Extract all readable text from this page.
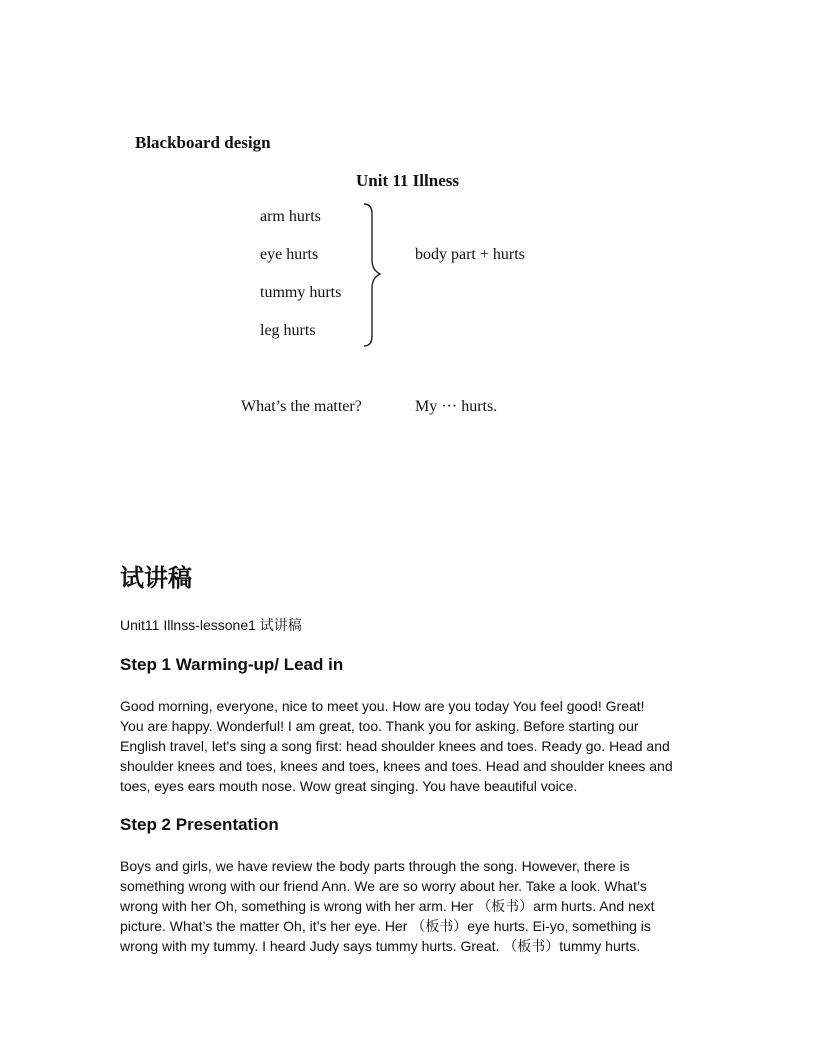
Blackboard design
Unit 11 Illness
arm hurts
eye hurts
tummy hurts
leg hurts
body part + hurts
What’s the matter?	My ··· hurts.
试讲稿
Unit11 Illnss-lessone1 试讲稿
Step 1 Warming-up/ Lead in

Good morning, everyone, nice to meet you. How are you today You feel good! Great!

You are happy. Wonderful! I am great, too. Thank you for asking. Before starting our

English travel, let's sing a song first: head shoulder knees and toes. Ready go. Head and

shoulder knees and toes, knees and toes, knees and toes. Head and shoulder knees and

toes, eyes ears mouth nose. Wow great singing. You have beautiful voice.

Step 2 Presentation

Boys and girls, we have review the body parts through the song. However, there is

something wrong with our friend Ann. We are so worry about her. Take a look. What’s

wrong with her Oh, something is wrong with her arm. Her （板书）arm hurts. And next

picture. What’s the matter Oh, it’s her eye. Her （板书）eye hurts. Ei-yo, something is

wrong with my tummy. I heard Judy says tummy hurts. Great. （板书）tummy hurts.
